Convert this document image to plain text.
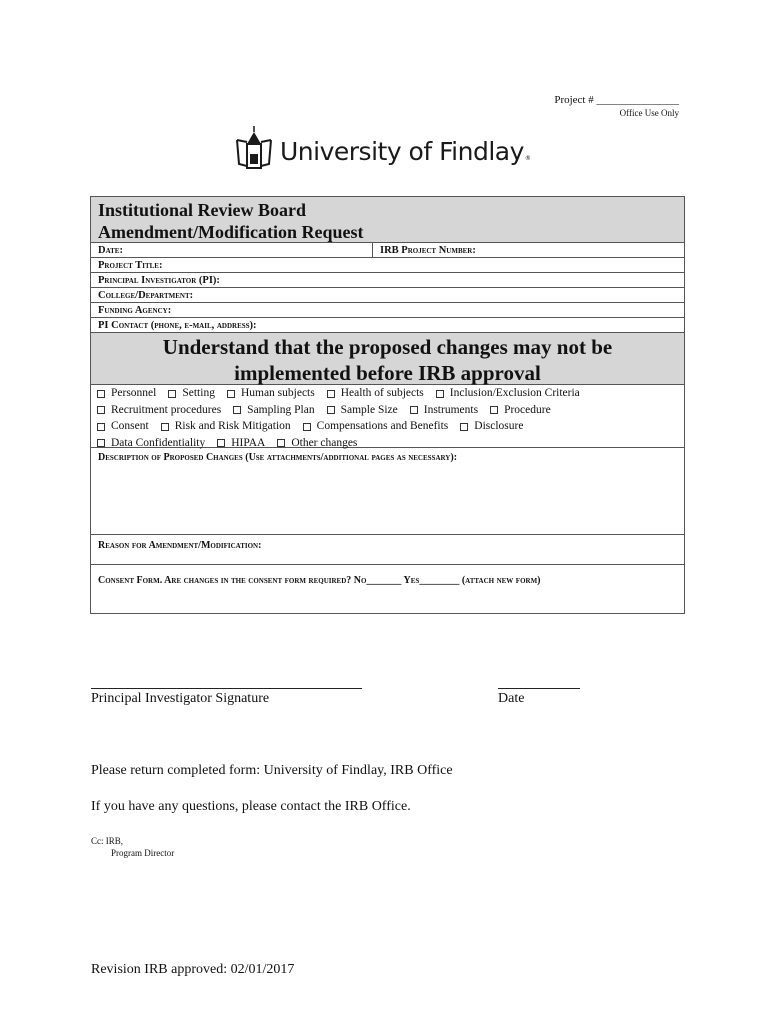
Project # _______________
Office Use Only
University of Findlay ®
Institutional Review Board
Amendment/Modification Request
Date:	IRB Project Number:
Project Title:
Principal Investigator (PI):
College/Department:
Funding Agency:
PI Contact (phone, e-mail, address):
Understand that the proposed changes may not be
implemented before IRB approval
Personnel Setting Human subjects Health of subjects Inclusion/Exclusion Criteria
Recruitment procedures Sampling Plan Sample Size Instruments Procedure
Consent Risk and Risk Mitigation Compensations and Benefits Disclosure
Data Confidentiality HIPAA Other changes
Description of Proposed Changes (Use attachments/additional pages as necessary):
Reason for Amendment/Modification:
Consent Form. Are changes in the consent form required? No_______ Yes________ (attach new form)
Principal Investigator Signature	Date
Please return completed form: University of Findlay, IRB Office
If you have any questions, please contact the IRB Office.
Cc: IRB,
Program Director
Revision IRB approved: 02/01/2017
